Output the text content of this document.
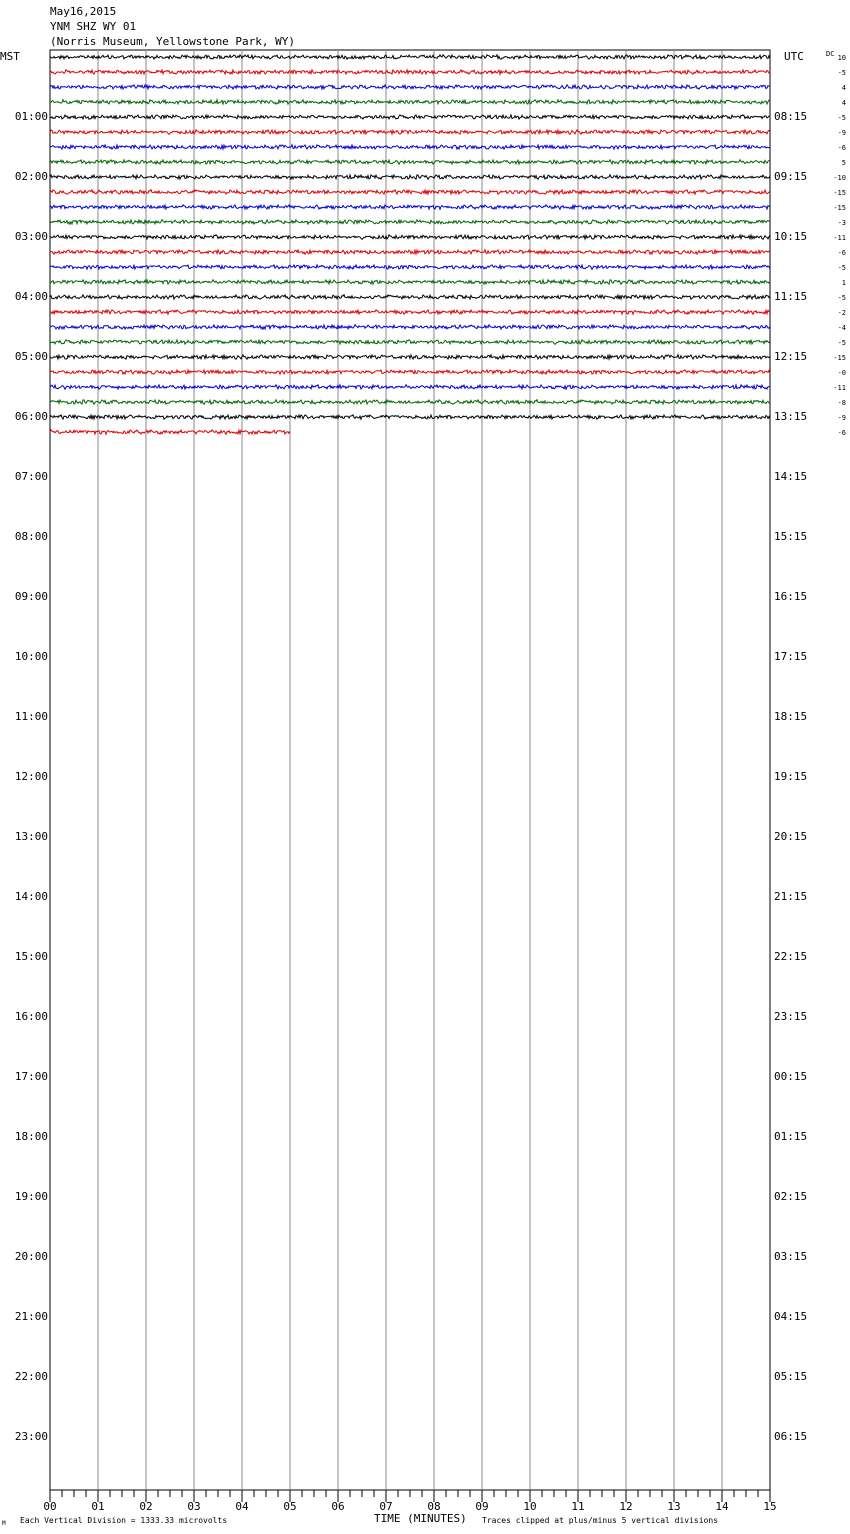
May16,2015
YNM SHZ WY 01
(Norris Museum, Yellowstone Park, WY)
MST	UTC	DC
01:00
02:00
03:00
04:00
05:00
06:00
07:00
08:00
09:00
10:00
11:00
12:00
13:00
14:00
15:00
16:00
17:00
18:00
19:00
20:00
21:00
22:00
23:00
08:15
09:15
10:15
11:15
12:15
13:15
14:15
15:15
16:15
17:15
18:15
19:15
20:15
21:15
22:15
23:15
00:15
01:15
02:15
03:15
04:15
05:15
06:15
10
-5
4
4
-5
-9
-6
5
-10
-15
-15
-3
-11
-6
-5
1
-5
-2
-4
-5
-15
-0
-11
-8
-9
-6
00	01	02	03	04	05	06	07	08	09	10	11	12	13	14	15
TIME (MINUTES)
Each Vertical Division = 1333.33 microvolts	Traces clipped at plus/minus 5 vertical divisions
M
